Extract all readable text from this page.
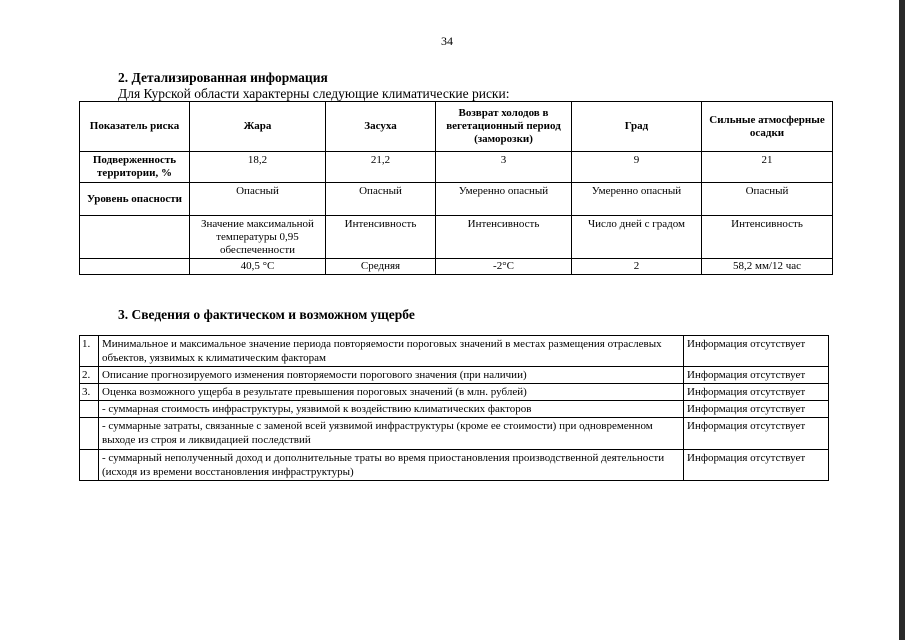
34
2. Детализированная информация
Для Курской области характерны следующие климатические риски:
Показатель риска	Жара	Засуха	Возврат холодов в вегетационный период (заморозки)	Град	Сильные атмосферные осадки
Подверженность территории, %	18,2	21,2	3	9	21
Уровень опасности	Опасный	Опасный	Умеренно опасный	Умеренно опасный	Опасный
	Значение максимальной температуры 0,95 обеспеченности	Интенсивность	Интенсивность	Число дней с градом	Интенсивность
	40,5 °С	Средняя	-2°С	2	58,2 мм/12 час
3. Сведения о фактическом и возможном ущербе
1.	Минимальное и максимальное значение периода повторяемости пороговых значений в местах размещения отраслевых объектов, уязвимых к климатическим факторам	Информация отсутствует
2.	Описание прогнозируемого изменения повторяемости порогового значения (при наличии)	Информация отсутствует
3.	Оценка возможного ущерба в результате превышения пороговых значений (в млн. рублей)	Информация отсутствует
	- суммарная стоимость инфраструктуры, уязвимой к воздействию климатических факторов	Информация отсутствует
	- суммарные затраты, связанные с заменой всей уязвимой инфраструктуры (кроме ее стоимости) при одновременном выходе из строя и ликвидацией последствий	Информация отсутствует
	- суммарный неполученный доход и дополнительные траты во время приостановления производственной деятельности (исходя из времени восстановления инфраструктуры)	Информация отсутствует
